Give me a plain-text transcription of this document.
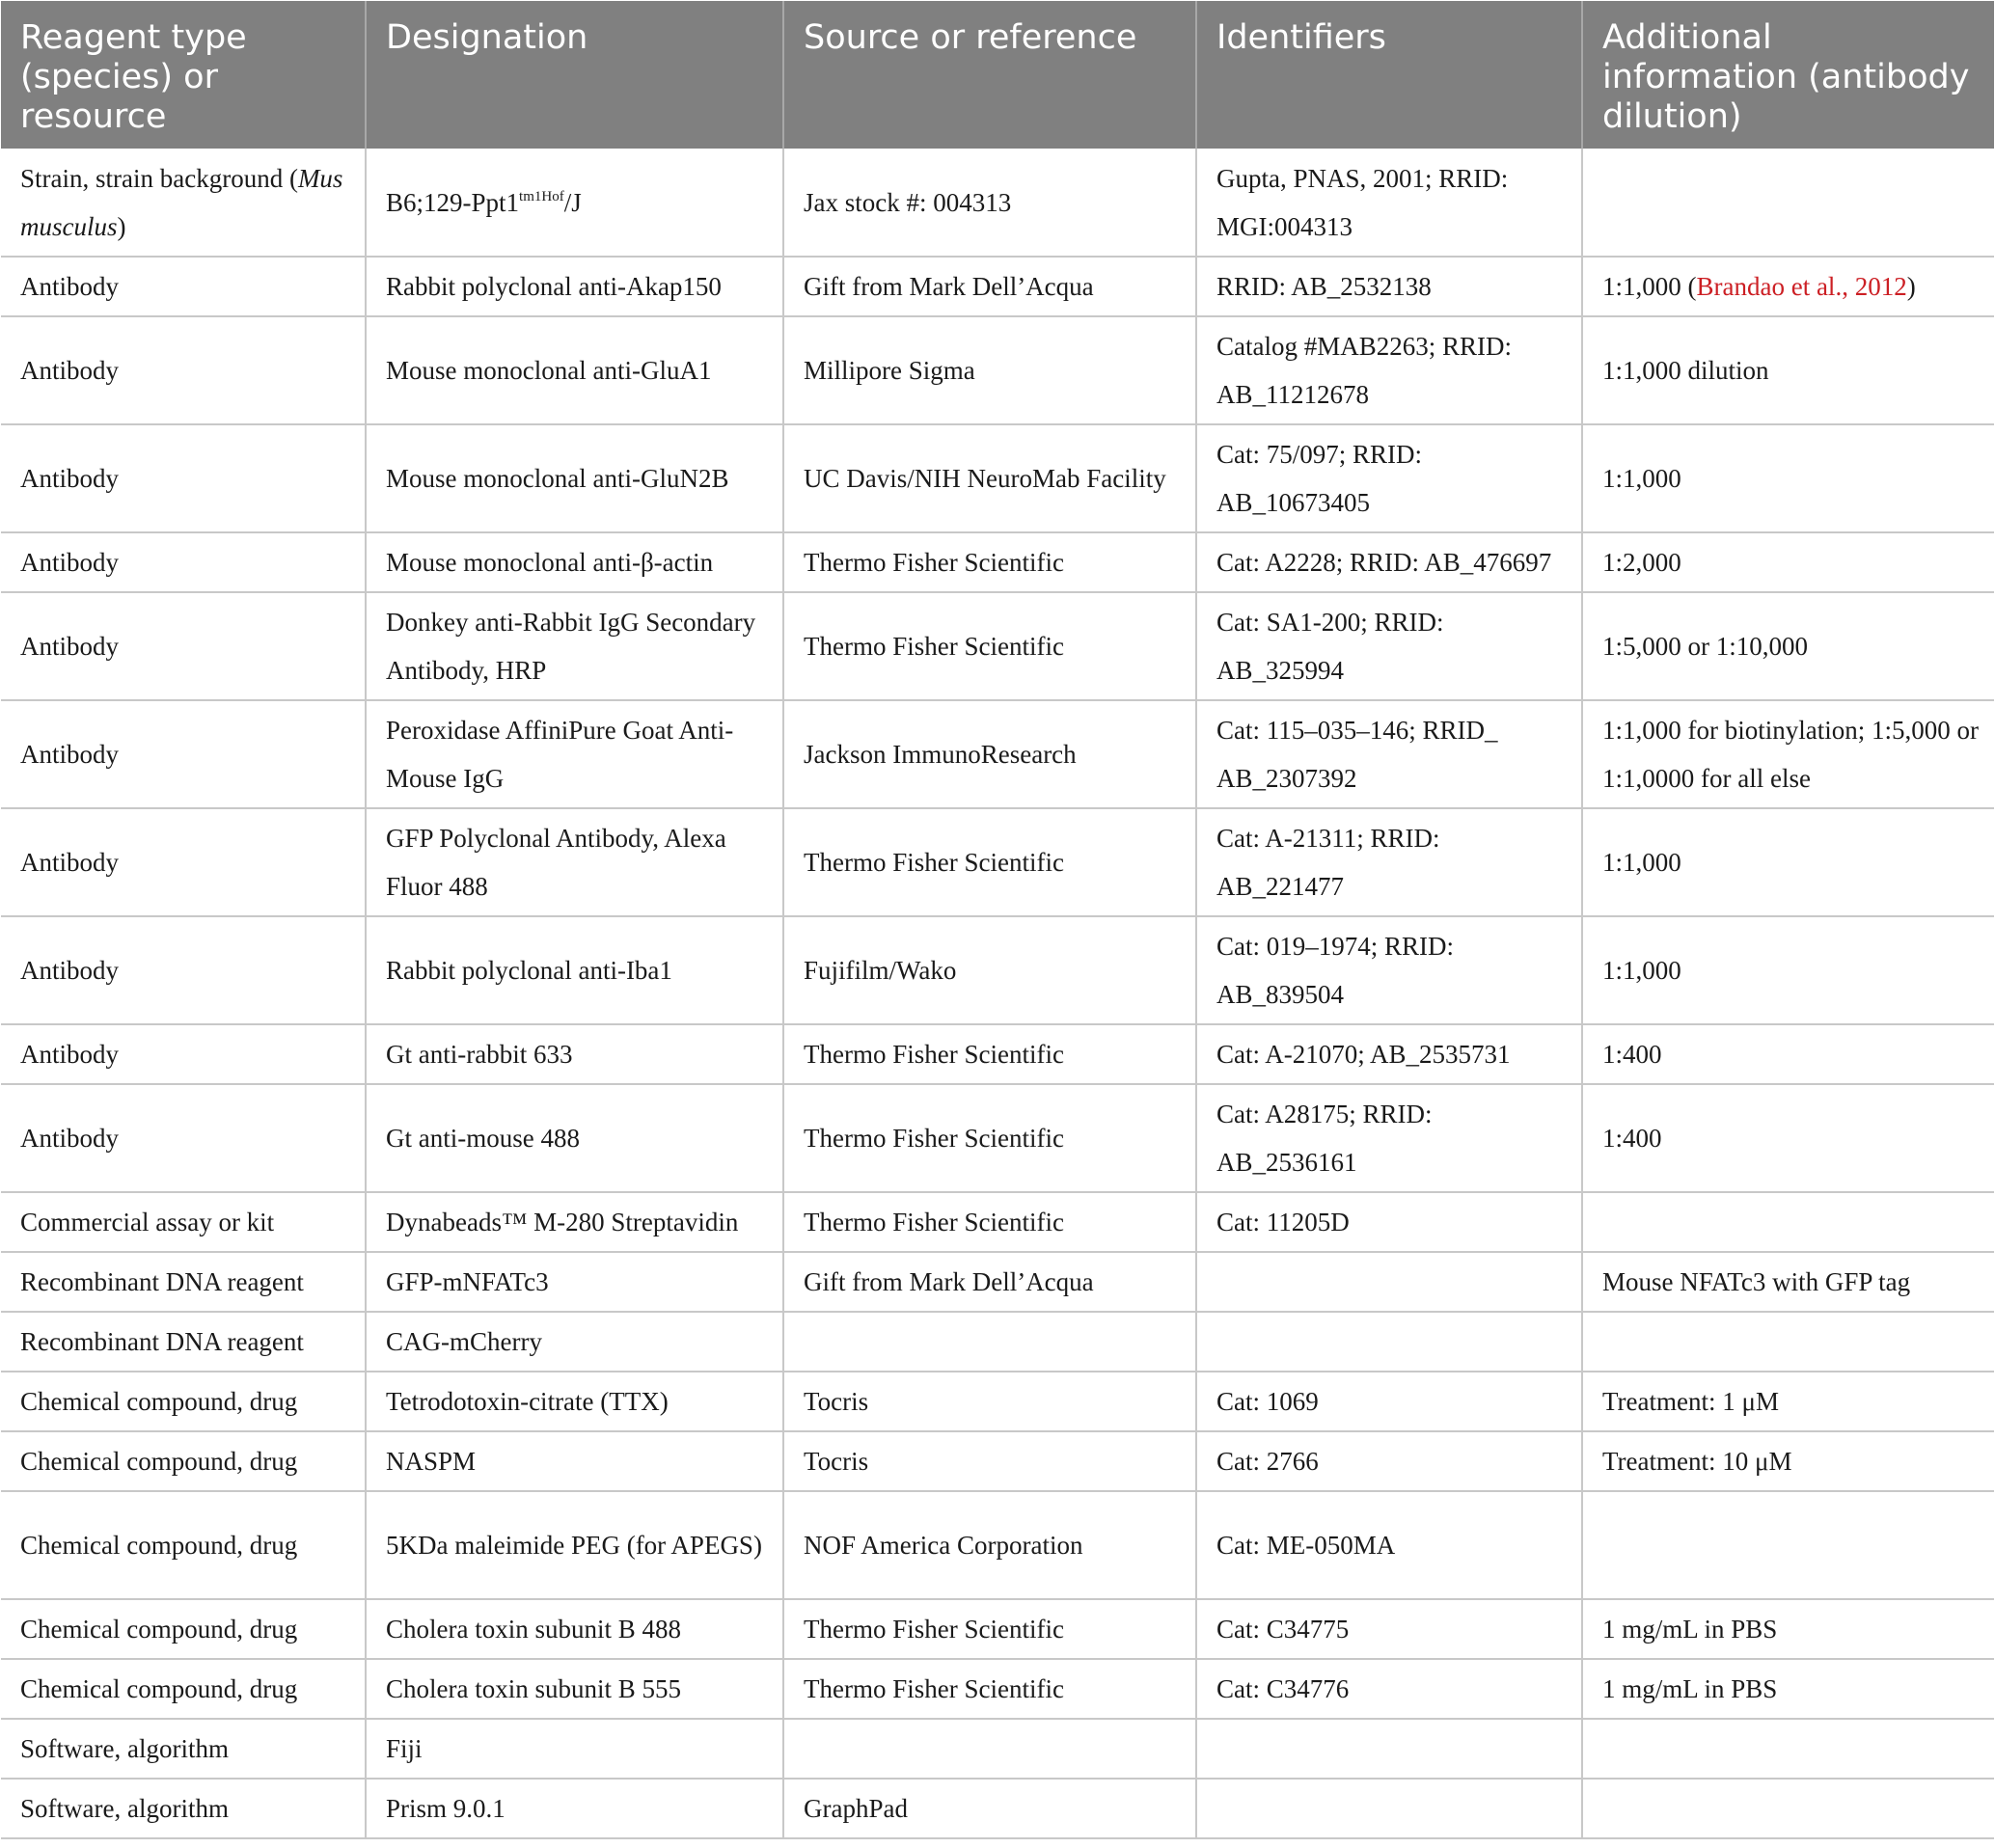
Reagent type (species) or resource	Designation	Source or reference	Identifiers	Additional information (antibody dilution)
Strain, strain background (Mus musculus)	$B6;129-Ppt1^{tm1Hof}/J$	Jax stock #: 004313	Gupta, PNAS, 2001; RRID: MGI:004313	
Antibody	Rabbit polyclonal anti-Akap150	Gift from Mark Dell’Acqua	RRID: AB_2532138	1:1,000 (Brandao et al., 2012)
Antibody	Mouse monoclonal anti-GluA1	Millipore Sigma	Catalog #MAB2263; RRID: AB_11212678	1:1,000 dilution
Antibody	Mouse monoclonal anti-GluN2B	UC Davis/NIH NeuroMab Facility	Cat: 75/097; RRID: AB_10673405	1:1,000
Antibody	Mouse monoclonal anti-β-actin	Thermo Fisher Scientific	Cat: A2228; RRID: AB_476697	1:2,000
Antibody	Donkey anti-Rabbit IgG Secondary Antibody, HRP	Thermo Fisher Scientific	Cat: SA1-200; RRID: AB_325994	1:5,000 or 1:10,000
Antibody	Peroxidase AffiniPure Goat Anti-Mouse IgG	Jackson ImmunoResearch	Cat: 115–035–146; RRID_ AB_2307392	1:1,000 for biotinylation; 1:5,000 or 1:1,0000 for all else
Antibody	GFP Polyclonal Antibody, Alexa Fluor 488	Thermo Fisher Scientific	Cat: A-21311; RRID: AB_221477	1:1,000
Antibody	Rabbit polyclonal anti-Iba1	Fujifilm/Wako	Cat: 019–1974; RRID: AB_839504	1:1,000
Antibody	Gt anti-rabbit 633	Thermo Fisher Scientific	Cat: A-21070; AB_2535731	1:400
Antibody	Gt anti-mouse 488	Thermo Fisher Scientific	Cat: A28175; RRID: AB_2536161	1:400
Commercial assay or kit	Dynabeads™ M-280 Streptavidin	Thermo Fisher Scientific	Cat: 11205D	
Recombinant DNA reagent	GFP-mNFATc3	Gift from Mark Dell’Acqua		Mouse NFATc3 with GFP tag
Recombinant DNA reagent	CAG-mCherry			
Chemical compound, drug	Tetrodotoxin-citrate (TTX)	Tocris	Cat: 1069	Treatment: 1 μM
Chemical compound, drug	NASPM	Tocris	Cat: 2766	Treatment: 10 μM
Chemical compound, drug	5KDa maleimide PEG (for APEGS)	NOF America Corporation	Cat: ME-050MA	
Chemical compound, drug	Cholera toxin subunit B 488	Thermo Fisher Scientific	Cat: C34775	1 mg/mL in PBS
Chemical compound, drug	Cholera toxin subunit B 555	Thermo Fisher Scientific	Cat: C34776	1 mg/mL in PBS
Software, algorithm	Fiji			
Software, algorithm	Prism 9.0.1	GraphPad		
